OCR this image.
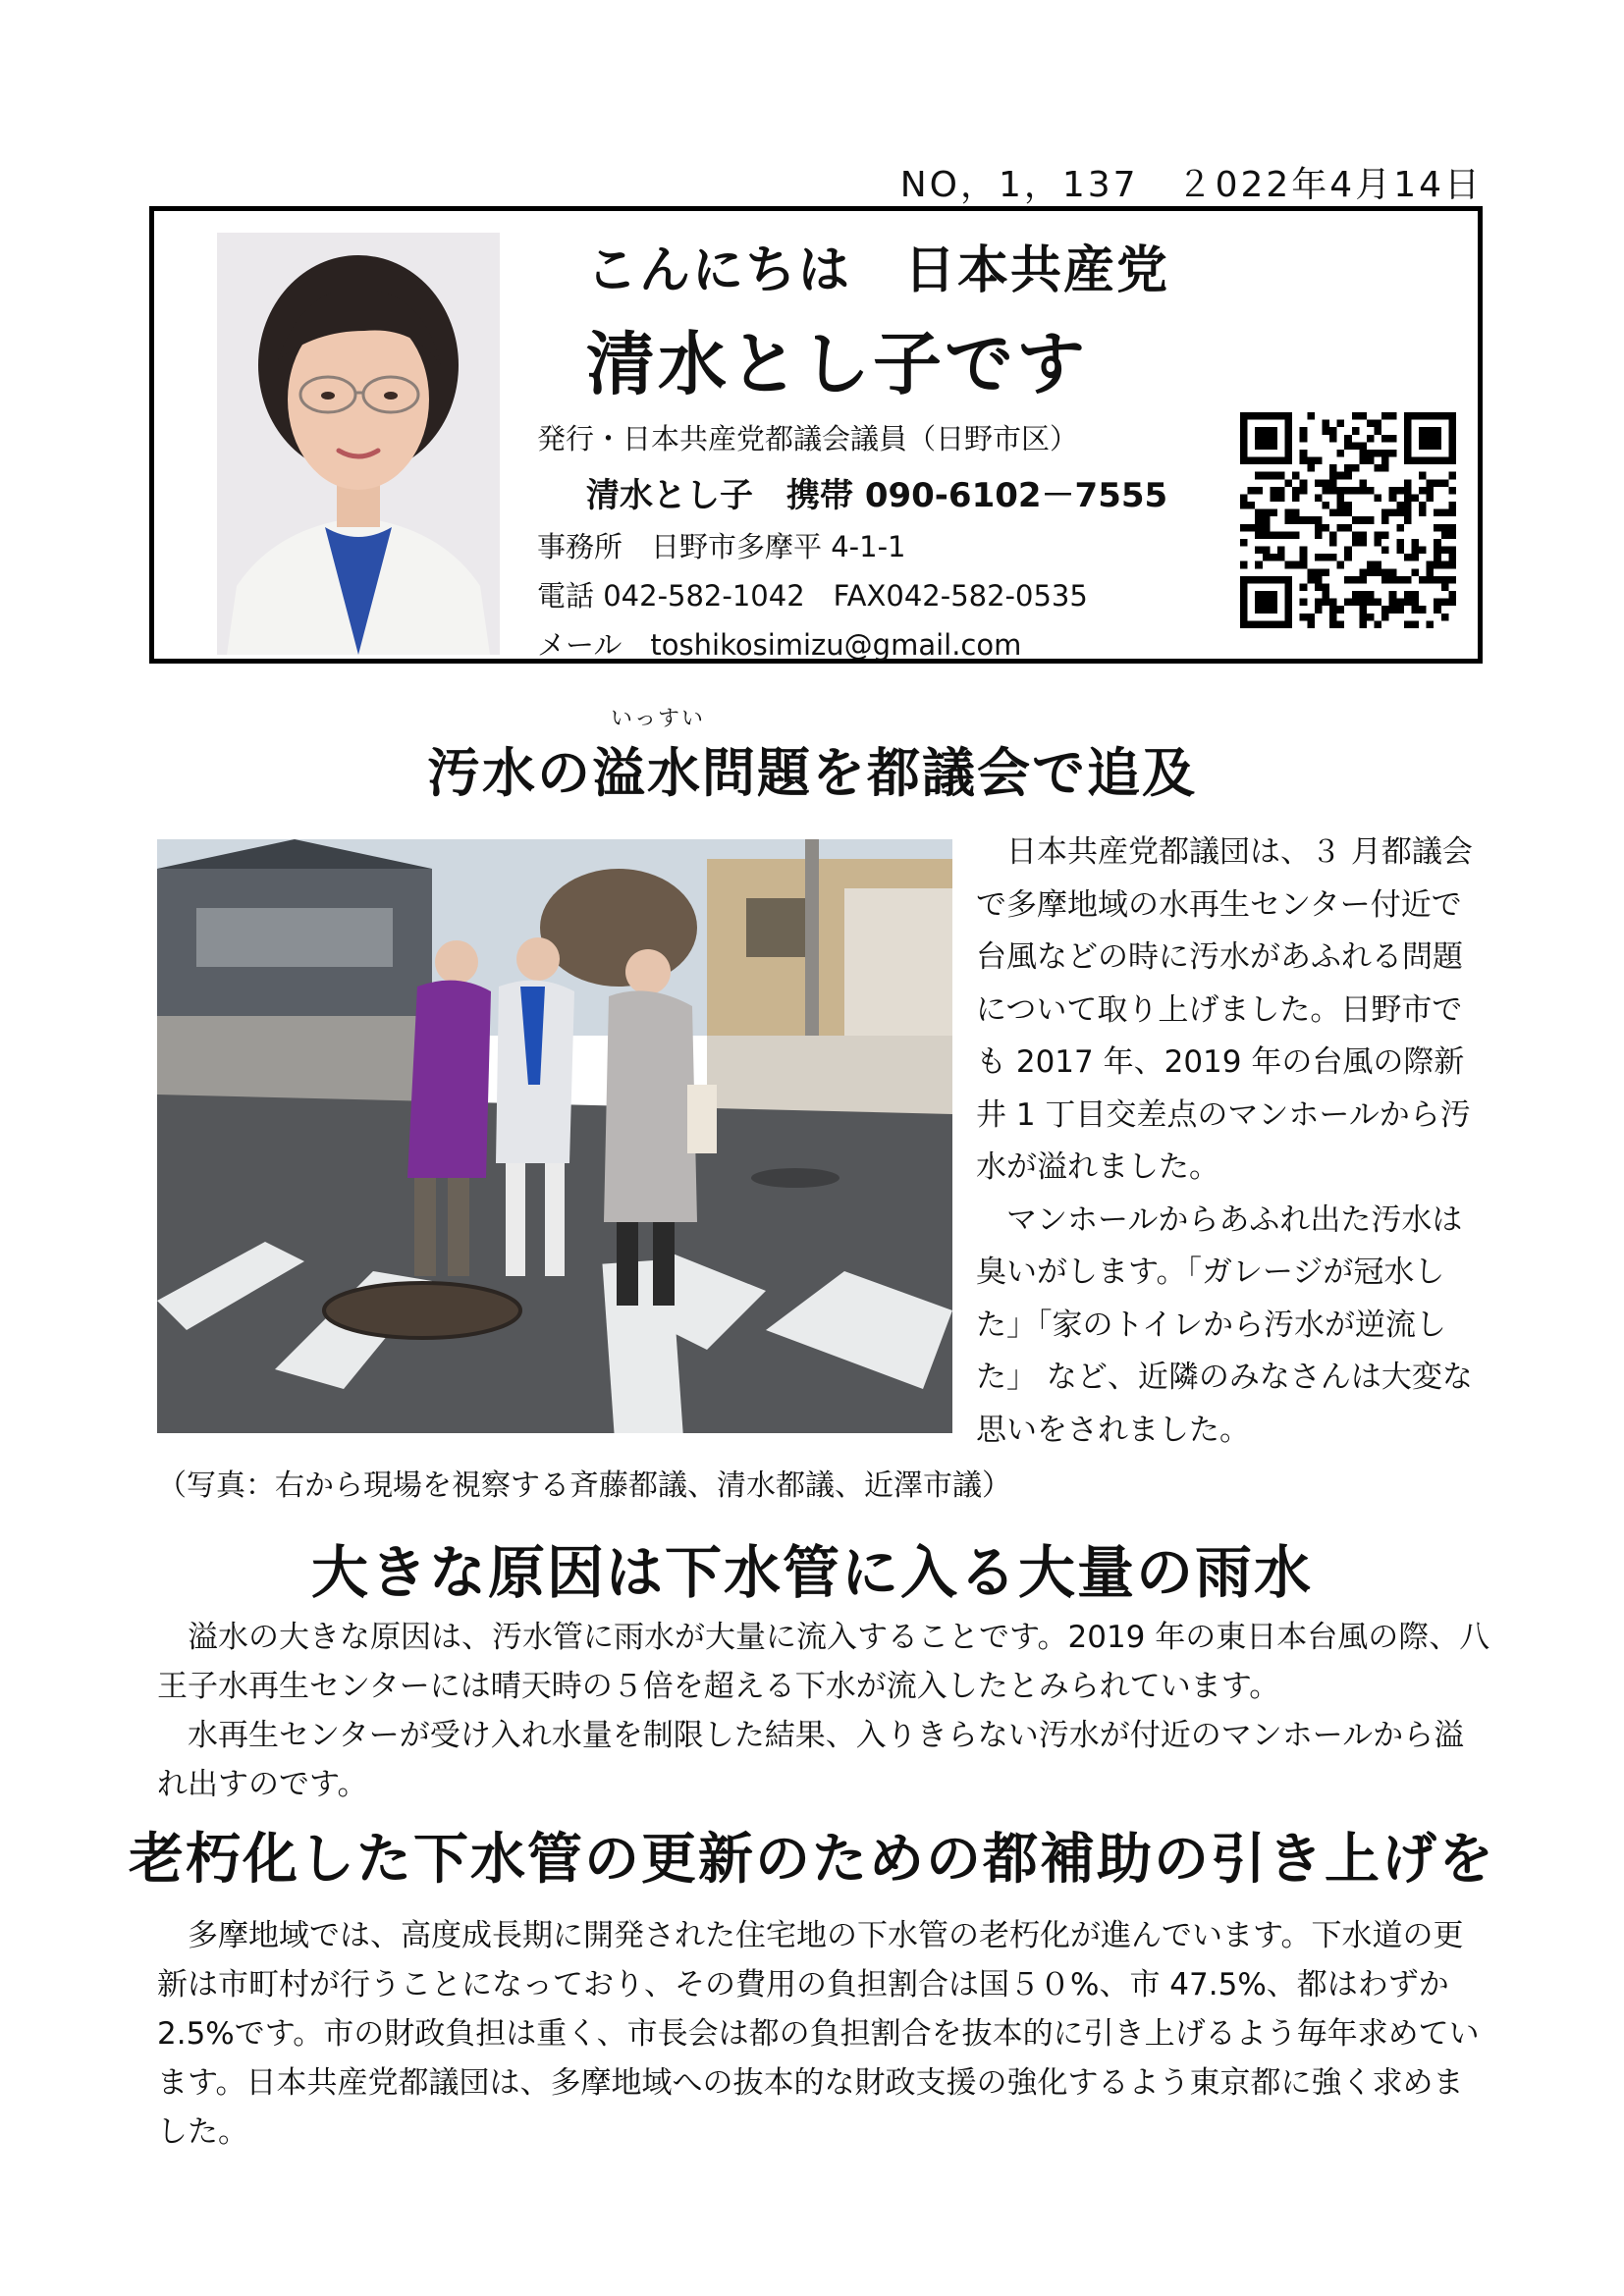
NO，1，137　２022年4月14日
こんにちは　日本共産党
清水とし子です
発行・日本共産党都議会議員（日野市区）
清水とし子　携帯 090-6102－7555
事務所　日野市多摩平 4-1-1
電話 042-582-1042　FAX042-582-0535
メール　toshikosimizu@gmail.com
いっすい
汚水の溢水問題を都議会で追及

日本共産党都議団は、３ 月都議会で多摩地域の水再生センター付近で台風などの時に汚水があふれる問題について取り上げました。日野市でも 2017 年、2019 年の台風の際新井 1 丁目交差点のマンホールから汚水が溢れました。

マンホールからあふれ出た汚水は臭いがします。「ガレージが冠水した」「家のトイレから汚水が逆流した」 など、近隣のみなさんは大変な思いをされました。

（写真：右から現場を視察する斉藤都議、清水都議、近澤市議）
大きな原因は下水管に入る大量の雨水

溢水の大きな原因は、汚水管に雨水が大量に流入することです。2019 年の東日本台風の際、八王子水再生センターには晴天時の５倍を超える下水が流入したとみられています。

水再生センターが受け入れ水量を制限した結果、入りきらない汚水が付近のマンホールから溢れ出すのです。

老朽化した下水管の更新のための都補助の引き上げを

多摩地域では、高度成長期に開発された住宅地の下水管の老朽化が進んでいます。下水道の更新は市町村が行うことになっており、その費用の負担割合は国５０%、市 47.5%、都はわずか 2.5%です。市の財政負担は重く、市長会は都の負担割合を抜本的に引き上げるよう毎年求めています。日本共産党都議団は、多摩地域への抜本的な財政支援の強化するよう東京都に強く求めました。
